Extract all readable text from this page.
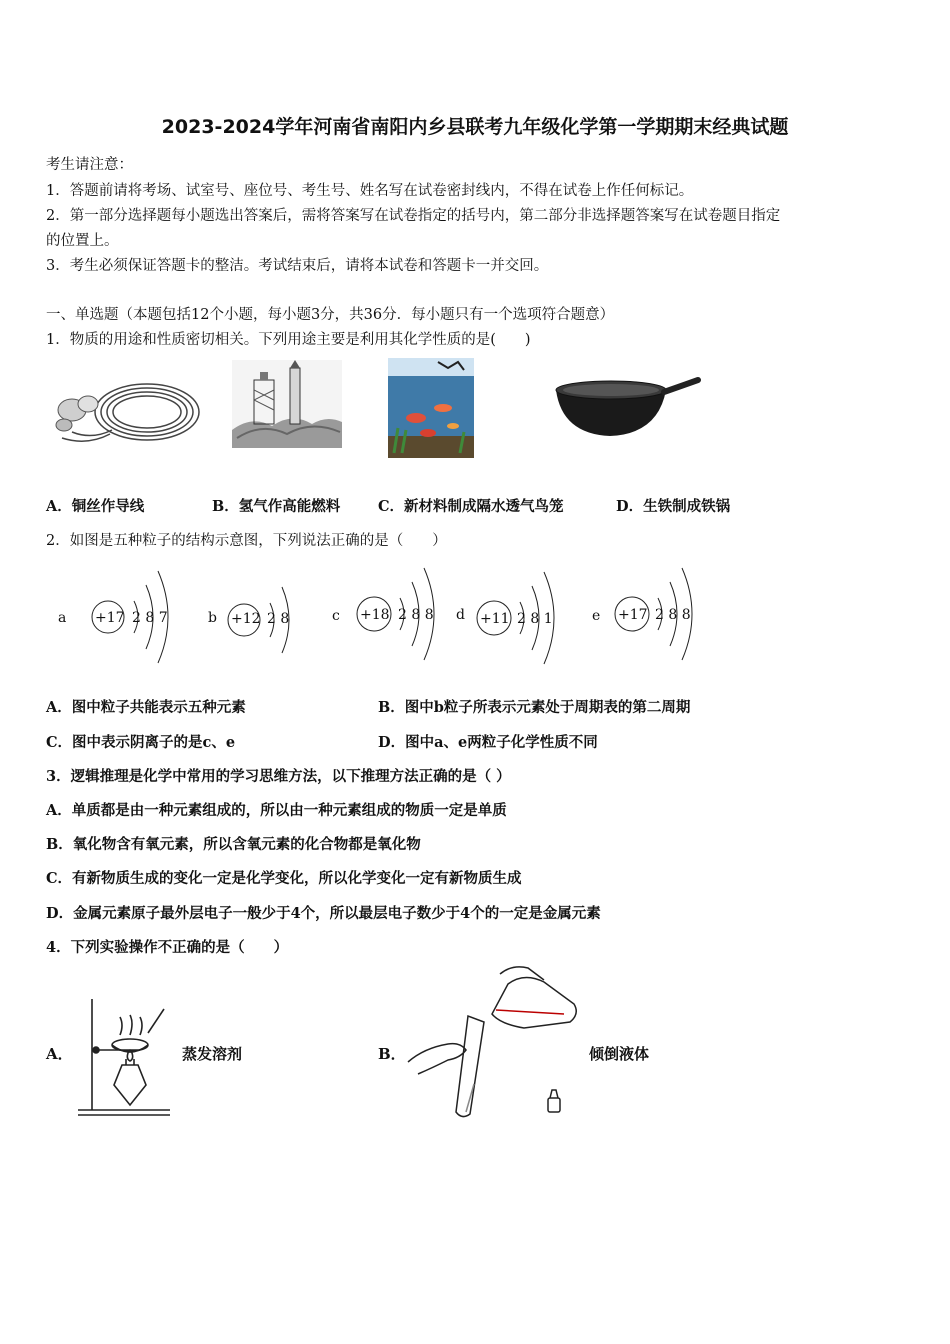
2023-2024学年河南省南阳内乡县联考九年级化学第一学期期末经典试题
考生请注意：
1．答题前请将考场、试室号、座位号、考生号、姓名写在试卷密封线内，不得在试卷上作任何标记。
2．第一部分选择题每小题选出答案后，需将答案写在试卷指定的括号内，第二部分非选择题答案写在试卷题目指定
的位置上。
3．考生必须保证答题卡的整洁。考试结束后，请将本试卷和答题卡一并交回。
一、单选题（本题包括12个小题，每小题3分，共36分．每小题只有一个选项符合题意）
1．物质的用途和性质密切相关。下列用途主要是利用其化学性质的是(　　)
A．铜丝作导线	B．氢气作高能燃料	C．新材料制成隔水透气鸟笼	D．生铁制成铁锅
2．如图是五种粒子的结构示意图，下列说法正确的是（　　）
a +17 2 8 7	b +12 2 8	c +18 2 8 8 d +11 2 8 1	e +17 2 8 8
A．图中粒子共能表示五种元素	B．图中b粒子所表示元素处于周期表的第二周期
C．图中表示阴离子的是c、e	D．图中a、e两粒子化学性质不同
3．逻辑推理是化学中常用的学习思维方法，以下推理方法正确的是（ ）
A．单质都是由一种元素组成的，所以由一种元素组成的物质一定是单质
B．氧化物含有氧元素，所以含氧元素的化合物都是氧化物
C．有新物质生成的变化一定是化学变化，所以化学变化一定有新物质生成
D．金属元素原子最外层电子一般少于4个，所以最层电子数少于4个的一定是金属元素
4．下列实验操作不正确的是（　　）
A．	蒸发溶剂	B．	倾倒液体
